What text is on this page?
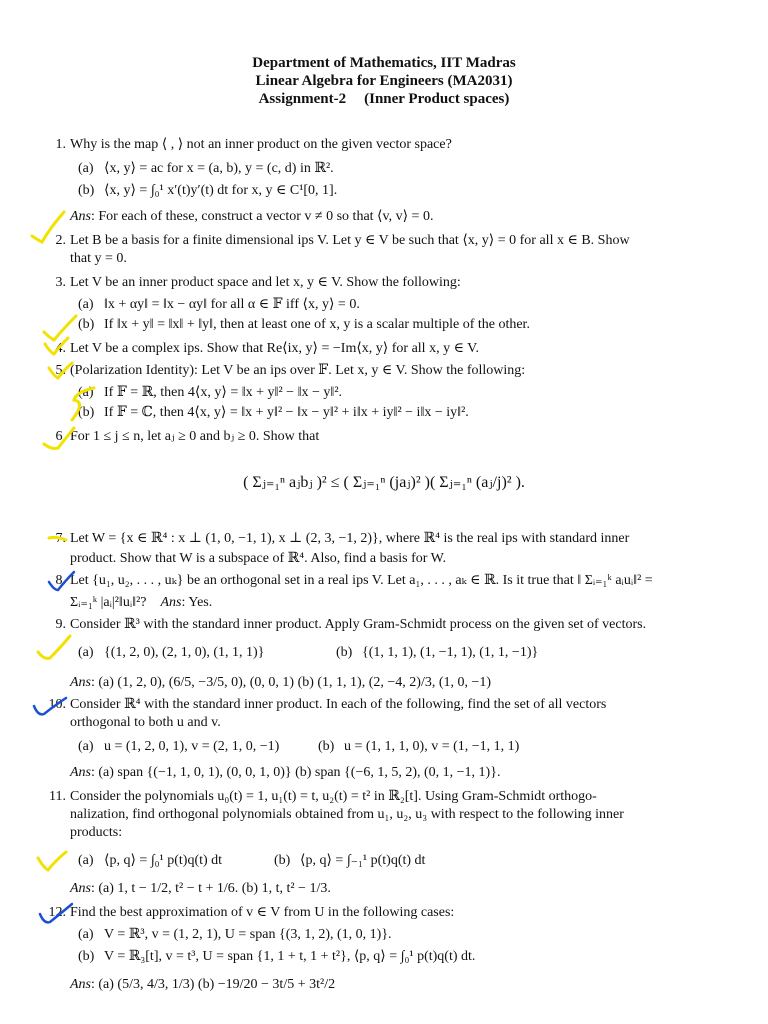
Department of Mathematics, IIT Madras
Linear Algebra for Engineers (MA2031)
Assignment-2 (Inner Product spaces)
1. Why is the map ⟨ , ⟩ not an inner product on the given vector space?
(a) ⟨x, y⟩ = ac for x = (a, b), y = (c, d) in ℝ².
(b) ⟨x, y⟩ = ∫₀¹ x′(t)y′(t) dt for x, y ∈ C¹[0, 1].
Ans: For each of these, construct a vector v ≠ 0 so that ⟨v, v⟩ = 0.
2. Let B be a basis for a finite dimensional ips V. Let y ∈ V be such that ⟨x, y⟩ = 0 for all x ∈ B. Show
that y = 0.
3. Let V be an inner product space and let x, y ∈ V. Show the following:
(a) ‖x + αy‖ = ‖x − αy‖ for all α ∈ 𝔽 iff ⟨x, y⟩ = 0.
(b) If ‖x + y‖ = ‖x‖ + ‖y‖, then at least one of x, y is a scalar multiple of the other.
4. Let V be a complex ips. Show that Re⟨ix, y⟩ = −Im⟨x, y⟩ for all x, y ∈ V.
5. (Polarization Identity): Let V be an ips over 𝔽. Let x, y ∈ V. Show the following:
(a) If 𝔽 = ℝ, then 4⟨x, y⟩ = ‖x + y‖² − ‖x − y‖².
(b) If 𝔽 = ℂ, then 4⟨x, y⟩ = ‖x + y‖² − ‖x − y‖² + i‖x + iy‖² − i‖x − iy‖².
6. For 1 ≤ j ≤ n, let aⱼ ≥ 0 and bⱼ ≥ 0. Show that
( Σⱼ₌₁ⁿ aⱼbⱼ )² ≤ ( Σⱼ₌₁ⁿ (jaⱼ)² )( Σⱼ₌₁ⁿ (aⱼ/j)² ).
7. Let W = {x ∈ ℝ⁴ : x ⊥ (1, 0, −1, 1), x ⊥ (2, 3, −1, 2)}, where ℝ⁴ is the real ips with standard inner
product. Show that W is a subspace of ℝ⁴. Also, find a basis for W.
8. Let {u₁, u₂, . . . , uₖ} be an orthogonal set in a real ips V. Let a₁, . . . , aₖ ∈ ℝ. Is it true that ‖ Σᵢ₌₁ᵏ aᵢuᵢ‖² =
Σᵢ₌₁ᵏ |aᵢ|²‖uᵢ‖²? Ans: Yes.
9. Consider ℝ³ with the standard inner product. Apply Gram-Schmidt process on the given set of vectors.
(a) {(1, 2, 0), (2, 1, 0), (1, 1, 1)}	(b) {(1, 1, 1), (1, −1, 1), (1, 1, −1)}
Ans: (a) (1, 2, 0), (6/5, −3/5, 0), (0, 0, 1) (b) (1, 1, 1), (2, −4, 2)/3, (1, 0, −1)
10. Consider ℝ⁴ with the standard inner product. In each of the following, find the set of all vectors
orthogonal to both u and v.
(a) u = (1, 2, 0, 1), v = (2, 1, 0, −1)	(b) u = (1, 1, 1, 0), v = (1, −1, 1, 1)
Ans: (a) span {(−1, 1, 0, 1), (0, 0, 1, 0)} (b) span {(−6, 1, 5, 2), (0, 1, −1, 1)}.
11. Consider the polynomials u₀(t) = 1, u₁(t) = t, u₂(t) = t² in ℝ₂[t]. Using Gram-Schmidt orthogo-
nalization, find orthogonal polynomials obtained from u₁, u₂, u₃ with respect to the following inner
products:
(a) ⟨p, q⟩ = ∫₀¹ p(t)q(t) dt	(b) ⟨p, q⟩ = ∫₋₁¹ p(t)q(t) dt
Ans: (a) 1, t − 1/2, t² − t + 1/6. (b) 1, t, t² − 1/3.
12. Find the best approximation of v ∈ V from U in the following cases:
(a) V = ℝ³, v = (1, 2, 1), U = span {(3, 1, 2), (1, 0, 1)}.
(b) V = ℝ₃[t], v = t³, U = span {1, 1 + t, 1 + t²}, ⟨p, q⟩ = ∫₀¹ p(t)q(t) dt.
Ans: (a) (5/3, 4/3, 1/3) (b) −19/20 − 3t/5 + 3t²/2
